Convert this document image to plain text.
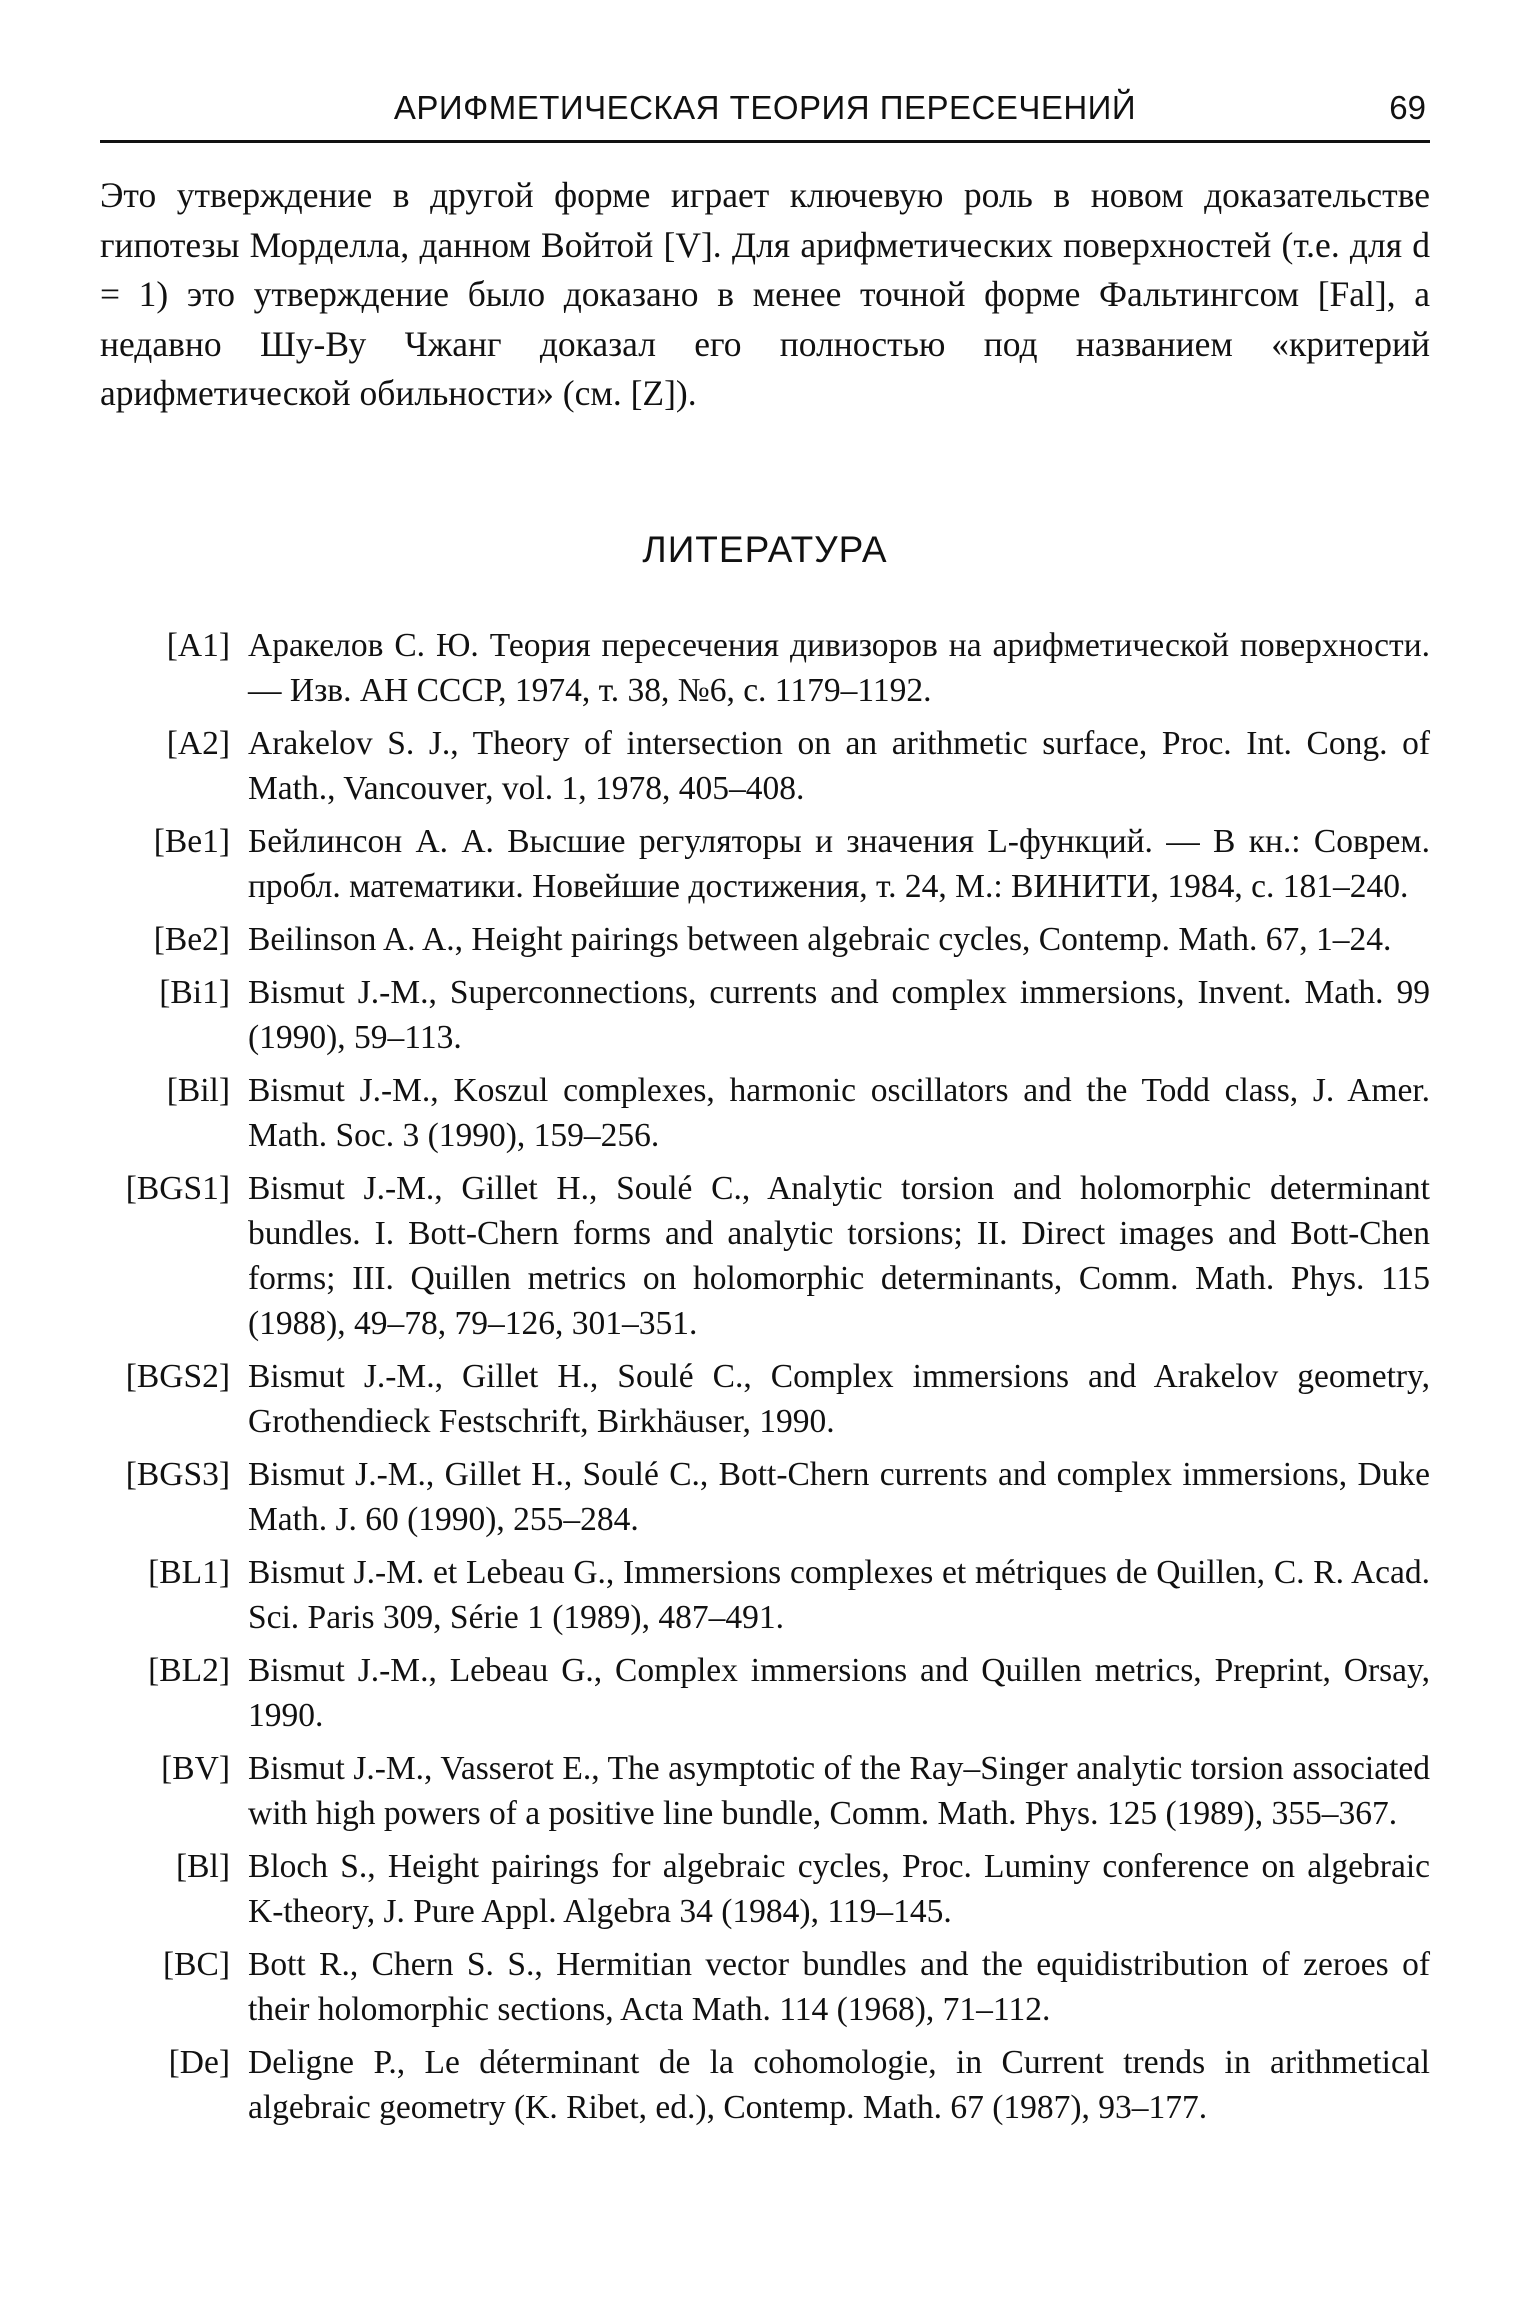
АРИФМЕТИЧЕСКАЯ ТЕОРИЯ ПЕРЕСЕЧЕНИЙ	69

Это утверждение в другой форме играет ключевую роль в новом доказательстве гипотезы Морделла, данном Войтой [V]. Для арифметических поверхностей (т.е. для d = 1) это утверждение было доказано в менее точной форме Фальтингсом [Fal], а недавно Шу-Ву Чжанг доказал его полностью под названием «критерий арифметической обильности» (см. [Z]).

ЛИТЕРАТУРА
[A1] Аракелов С. Ю. Теория пересечения дивизоров на арифметической поверхности. — Изв. АН СССР, 1974, т. 38, №6, с. 1179–1192.
[A2] Arakelov S. J., Theory of intersection on an arithmetic surface, Proc. Int. Cong. of Math., Vancouver, vol. 1, 1978, 405–408.
[Be1] Бейлинсон А. А. Высшие регуляторы и значения L-функций. — В кн.: Соврем. пробл. математики. Новейшие достижения, т. 24, М.: ВИНИТИ, 1984, с. 181–240.
[Be2] Beilinson A. A., Height pairings between algebraic cycles, Contemp. Math. 67, 1–24.
[Bi1] Bismut J.-M., Superconnections, currents and complex immersions, Invent. Math. 99 (1990), 59–113.
[Bil] Bismut J.-M., Koszul complexes, harmonic oscillators and the Todd class, J. Amer. Math. Soc. 3 (1990), 159–256.
[BGS1] Bismut J.-M., Gillet H., Soulé C., Analytic torsion and holomorphic determinant bundles. I. Bott-Chern forms and analytic torsions; II. Direct images and Bott-Chen forms; III. Quillen metrics on holomorphic determinants, Comm. Math. Phys. 115 (1988), 49–78, 79–126, 301–351.
[BGS2] Bismut J.-M., Gillet H., Soulé C., Complex immersions and Arakelov geometry, Grothendieck Festschrift, Birkhäuser, 1990.
[BGS3] Bismut J.-M., Gillet H., Soulé C., Bott-Chern currents and complex immersions, Duke Math. J. 60 (1990), 255–284.
[BL1] Bismut J.-M. et Lebeau G., Immersions complexes et métriques de Quillen, C. R. Acad. Sci. Paris 309, Série 1 (1989), 487–491.
[BL2] Bismut J.-M., Lebeau G., Complex immersions and Quillen metrics, Preprint, Orsay, 1990.
[BV] Bismut J.-M., Vasserot E., The asymptotic of the Ray–Singer analytic torsion associated with high powers of a positive line bundle, Comm. Math. Phys. 125 (1989), 355–367.
[Bl] Bloch S., Height pairings for algebraic cycles, Proc. Luminy conference on algebraic K-theory, J. Pure Appl. Algebra 34 (1984), 119–145.
[BC] Bott R., Chern S. S., Hermitian vector bundles and the equidistribution of zeroes of their holomorphic sections, Acta Math. 114 (1968), 71–112.
[De] Deligne P., Le déterminant de la cohomologie, in Current trends in arithmetical algebraic geometry (K. Ribet, ed.), Contemp. Math. 67 (1987), 93–177.
